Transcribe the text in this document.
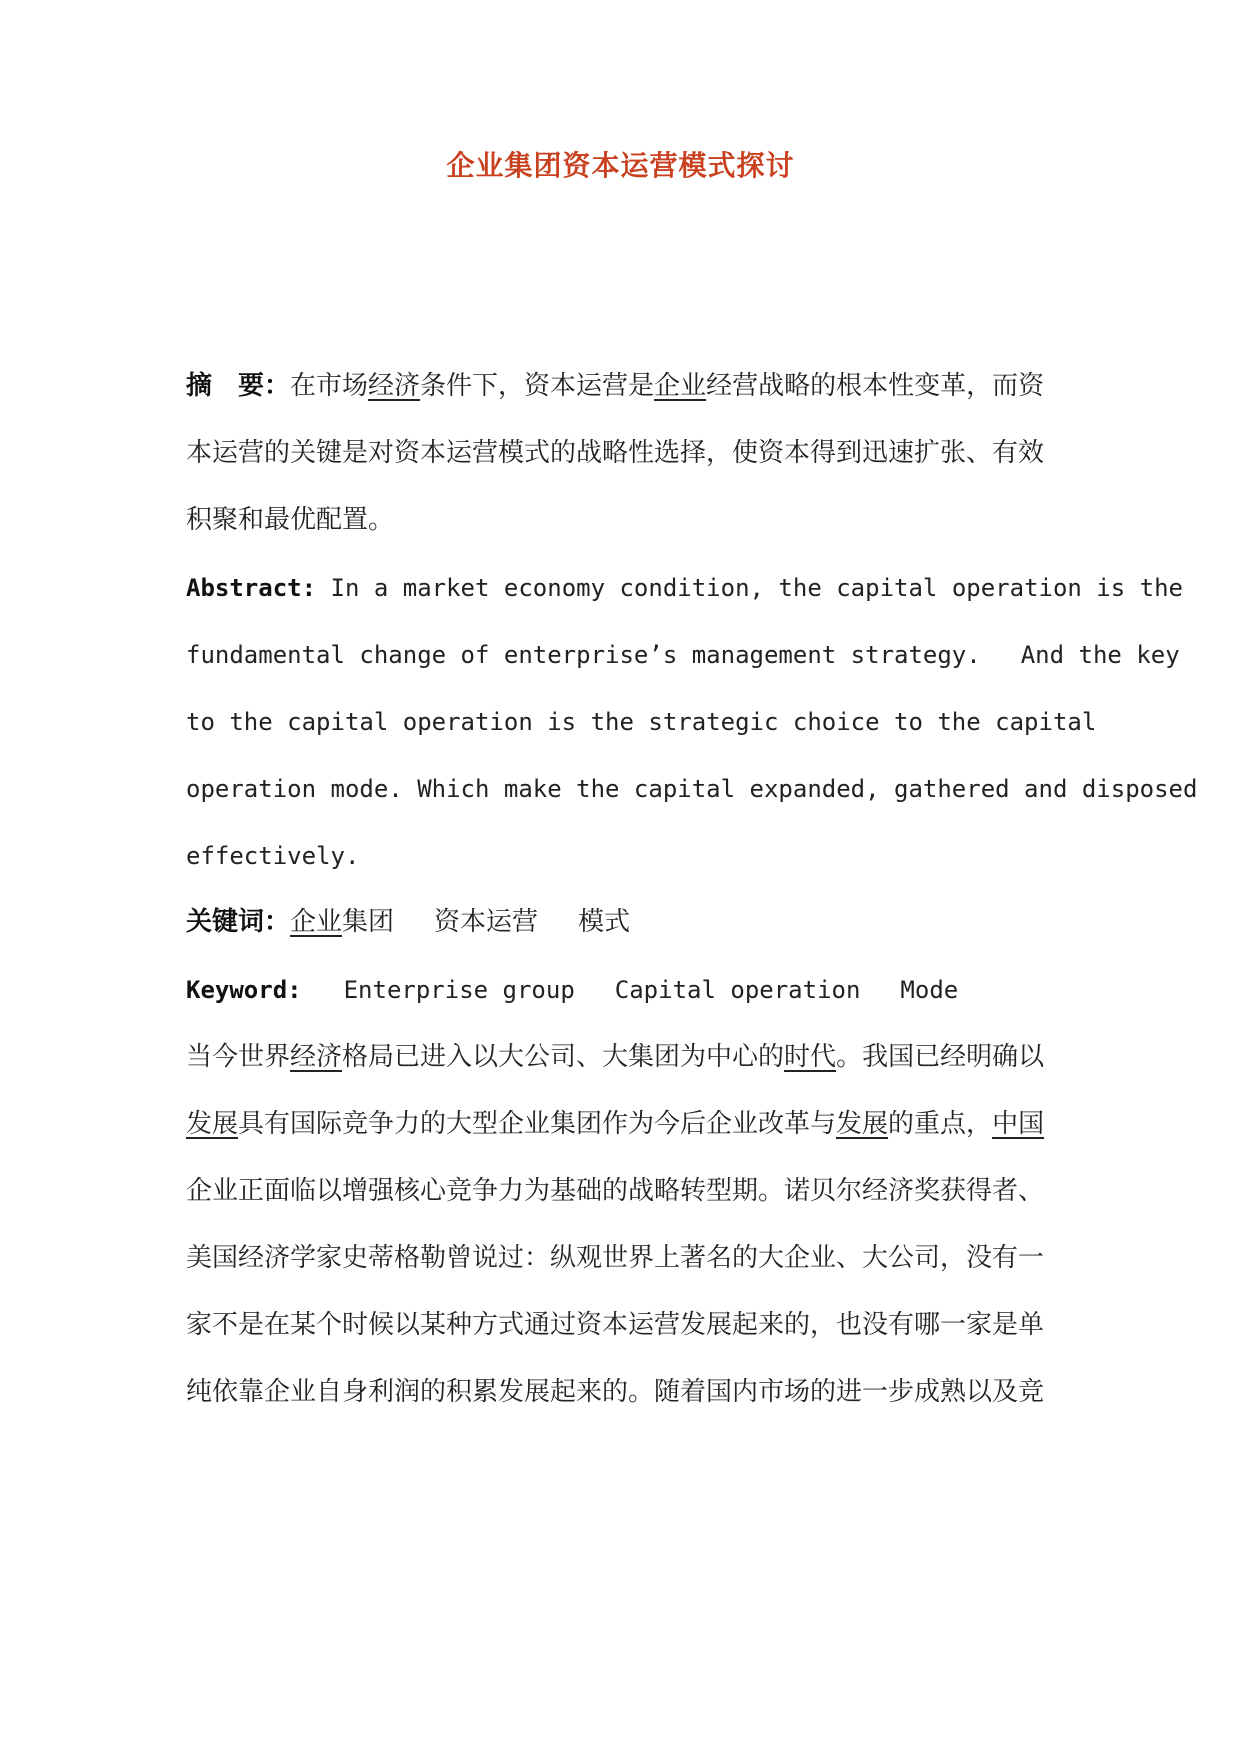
企业集团资本运营模式探讨
摘　要：在市场经济条件下，资本运营是企业经营战略的根本性变革，而资
本运营的关键是对资本运营模式的战略性选择，使资本得到迅速扩张、有效
积聚和最优配置。
Abstract: In a market economy condition, the capital operation is the
fundamental change of enterprise’s management strategy. And the key
to the capital operation is the strategic choice to the capital
operation mode. Which make the capital expanded, gathered and disposed
effectively.
关键词：企业集团 资本运营 模式
Keyword: Enterprise group Capital operation Mode
当今世界经济格局已进入以大公司、大集团为中心的时代。我国已经明确以
发展具有国际竞争力的大型企业集团作为今后企业改革与发展的重点，中国
企业正面临以增强核心竞争力为基础的战略转型期。诺贝尔经济奖获得者、
美国经济学家史蒂格勒曾说过：纵观世界上著名的大企业、大公司，没有一
家不是在某个时候以某种方式通过资本运营发展起来的，也没有哪一家是单
纯依靠企业自身利润的积累发展起来的。随着国内市场的进一步成熟以及竞
